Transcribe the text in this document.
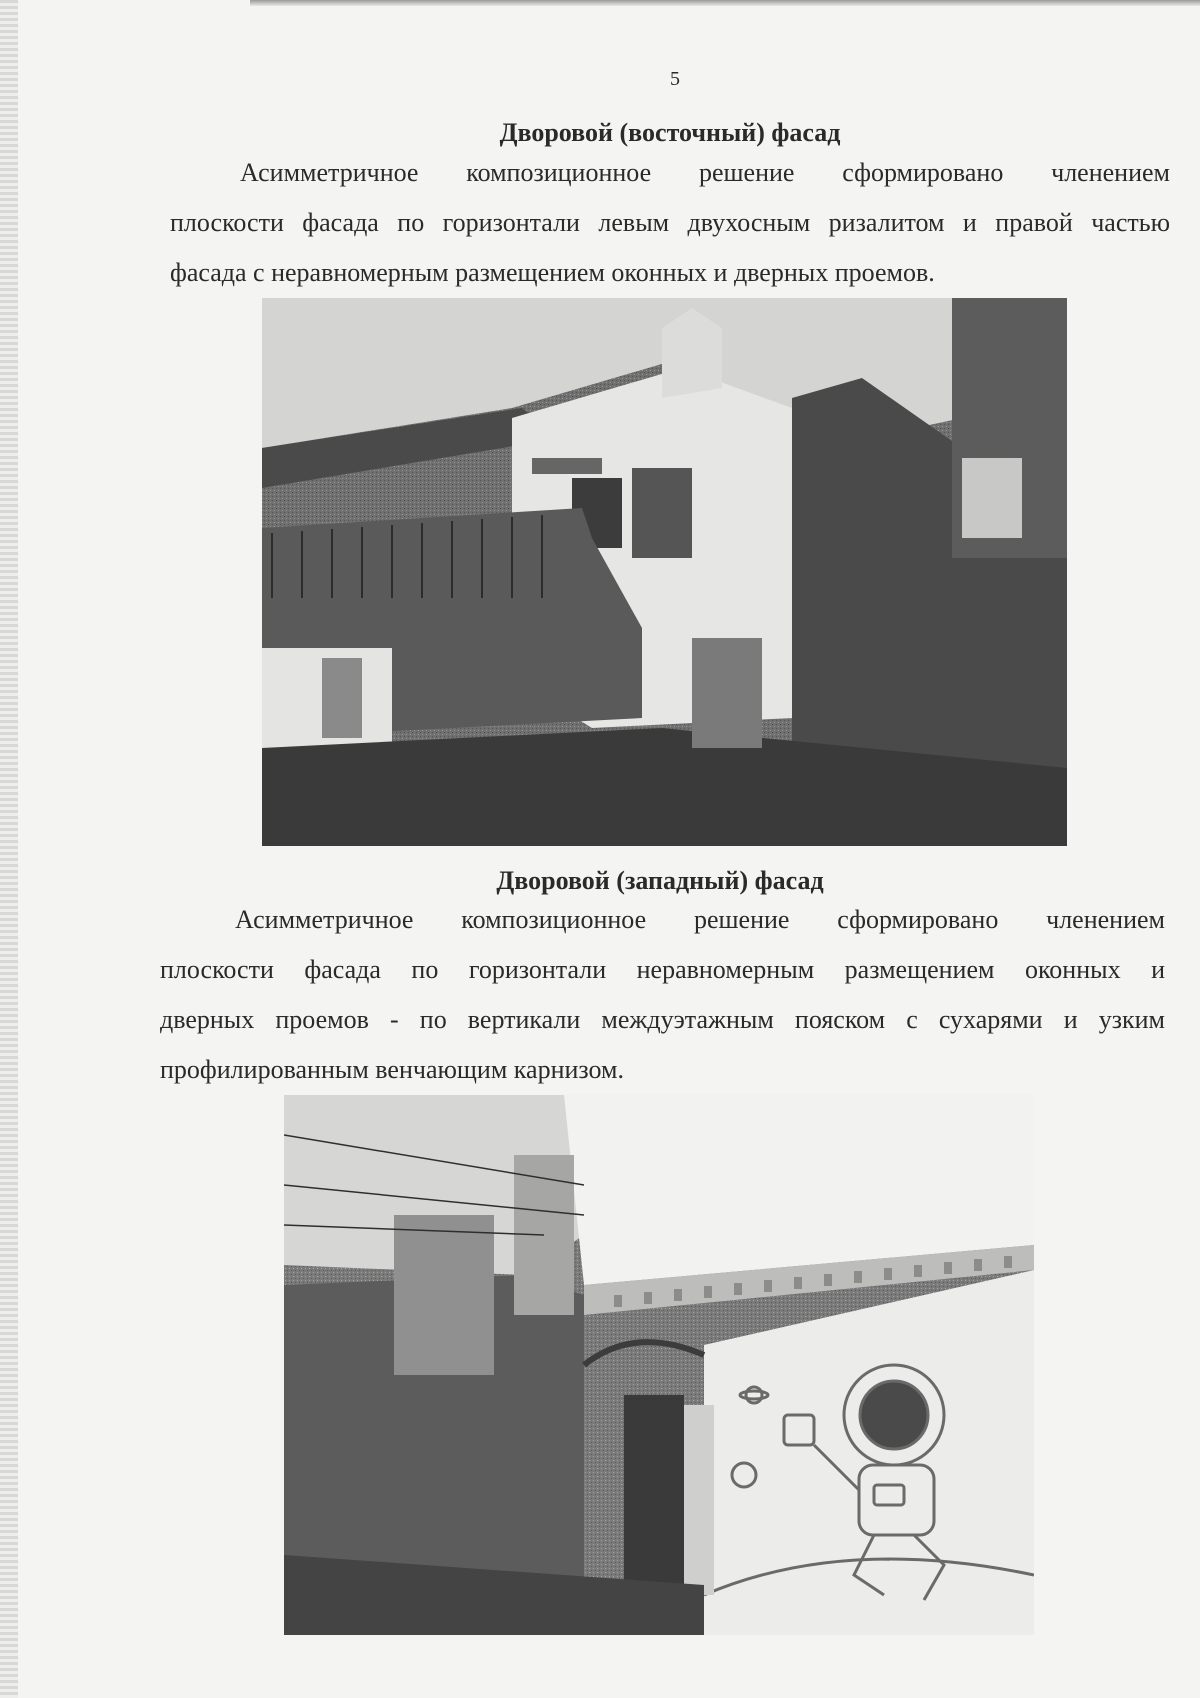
5
Дворовой (восточный) фасад
Асимметричное композиционное решение сформировано членением
плоскости фасада по горизонтали левым двухосным ризалитом и правой частью
фасада с неравномерным размещением оконных и дверных проемов.
Дворовой (западный) фасад
Асимметричное композиционное решение сформировано членением
плоскости фасада по горизонтали неравномерным размещением оконных и
дверных проемов - по вертикали междуэтажным пояском с сухарями и узким
профилированным венчающим карнизом.
